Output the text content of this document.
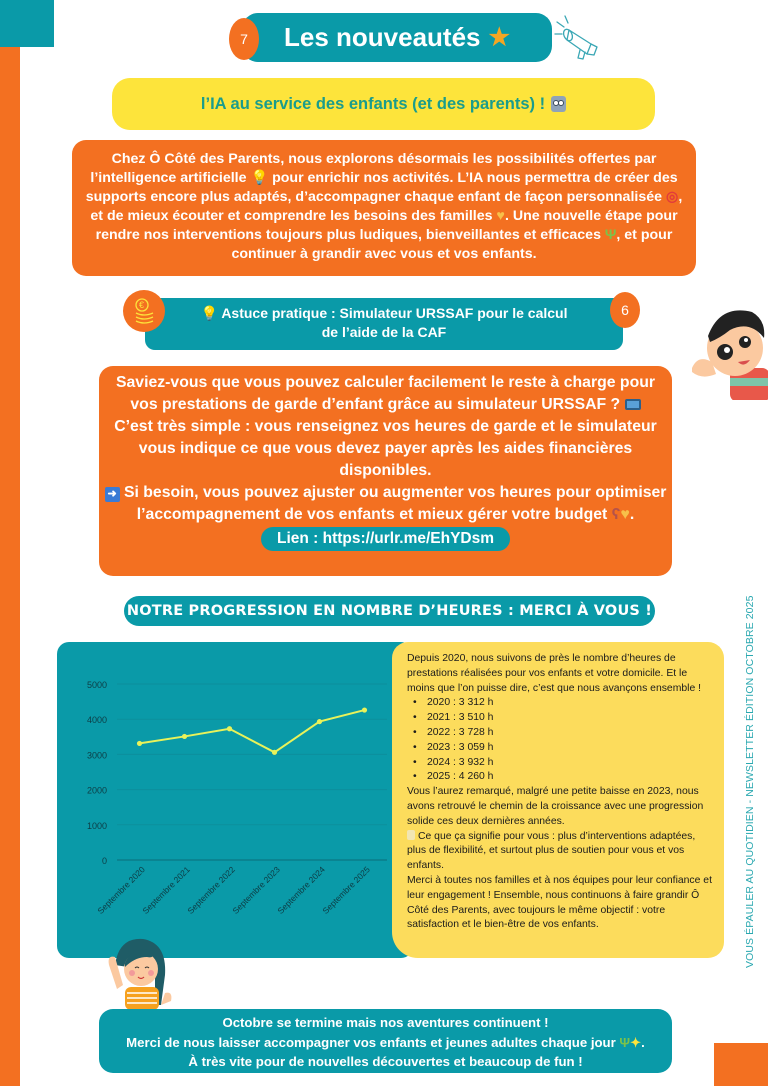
VOUS ÉPAULER AU QUOTIDIEN - NEWSLETTER ÉDITION OCTOBRE 2025
Les nouveautés ★
7
l’IA au service des enfants (et des parents) !
Chez Ô Côté des Parents, nous explorons désormais les possibilités offertes par l’intelligence artificielle 💡 pour enrichir nos activités. L’IA nous permettra de créer des supports encore plus adaptés, d’accompagner chaque enfant de façon personnalisée ◎, et de mieux écouter et comprendre les besoins des familles ♥. Une nouvelle étape pour rendre nos interventions toujours plus ludiques, bienveillantes et efficaces Ψ, et pour continuer à grandir avec vous et vos enfants.
💡 Astuce pratique : Simulateur URSSAF pour le calcul
de l’aide de la CAF
€	6
Saviez-vous que vous pouvez calculer facilement le reste à charge pour vos prestations de garde d’enfant grâce au simulateur URSSAF ?
C’est très simple : vous renseignez vos heures de garde et le simulateur vous indique ce que vous devez payer après les aides financières disponibles.
➜ Si besoin, vous pouvez ajuster ou augmenter vos heures pour optimiser l’accompagnement de vos enfants et mieux gérer votre budget ʕ♥.
Lien : https://urlr.me/EhYDsm
NOTRE PROGRESSION EN NOMBRE D’HEURES : MERCI À VOUS !
0
1000
2000
3000
4000
5000
Septembre 2020
Septembre 2021
Septembre 2022
Septembre 2023
Septembre 2024
Septembre 2025
Depuis 2020, nous suivons de près le nombre d’heures de prestations réalisées pour vos enfants et votre domicile. Et le moins que l’on puisse dire, c’est que nous avançons ensemble !
• 2020 : 3 312 h
• 2021 : 3 510 h
• 2022 : 3 728 h
• 2023 : 3 059 h
• 2024 : 3 932 h
• 2025 : 4 260 h
Vous l’aurez remarqué, malgré une petite baisse en 2023, nous avons retrouvé le chemin de la croissance avec une progression solide ces deux dernières années.
Ce que ça signifie pour vous : plus d’interventions adaptées, plus de flexibilité, et surtout plus de soutien pour vous et vos enfants.
Merci à toutes nos familles et à nos équipes pour leur confiance et leur engagement ! Ensemble, nous continuons à faire grandir Ô Côté des Parents, avec toujours le même objectif : votre satisfaction et le bien-être de vos enfants.
Octobre se termine mais nos aventures continuent !
Merci de nous laisser accompagner vos enfants et jeunes adultes chaque jour Ψ✦.
À très vite pour de nouvelles découvertes et beaucoup de fun !
